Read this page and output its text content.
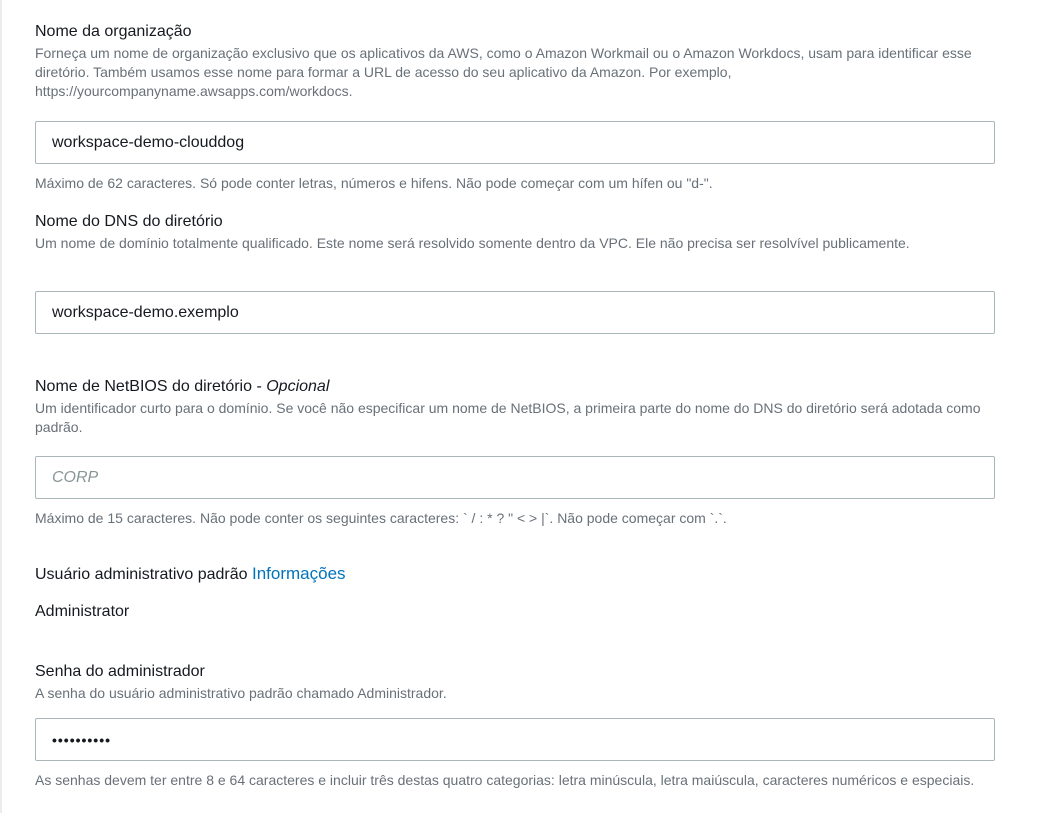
Nome da organização
Forneça um nome de organização exclusivo que os aplicativos da AWS, como o Amazon Workmail ou o Amazon Workdocs, usam para identificar esse diretório. Também usamos esse nome para formar a URL de acesso do seu aplicativo da Amazon. Por exemplo, https://yourcompanyname.awsapps.com/workdocs.
workspace-demo-clouddog
Máximo de 62 caracteres. Só pode conter letras, números e hifens. Não pode começar com um hífen ou "d-".
Nome do DNS do diretório
Um nome de domínio totalmente qualificado. Este nome será resolvido somente dentro da VPC. Ele não precisa ser resolvível publicamente.
workspace-demo.exemplo
Nome de NetBIOS do diretório - Opcional
Um identificador curto para o domínio. Se você não especificar um nome de NetBIOS, a primeira parte do nome do DNS do diretório será adotada como padrão.
CORP
Máximo de 15 caracteres. Não pode conter os seguintes caracteres: ` / : * ? " < > |`. Não pode começar com `.`.
Usuário administrativo padrão Informações
Administrator
Senha do administrador
A senha do usuário administrativo padrão chamado Administrador.
••••••••••
As senhas devem ter entre 8 e 64 caracteres e incluir três destas quatro categorias: letra minúscula, letra maiúscula, caracteres numéricos e especiais.
